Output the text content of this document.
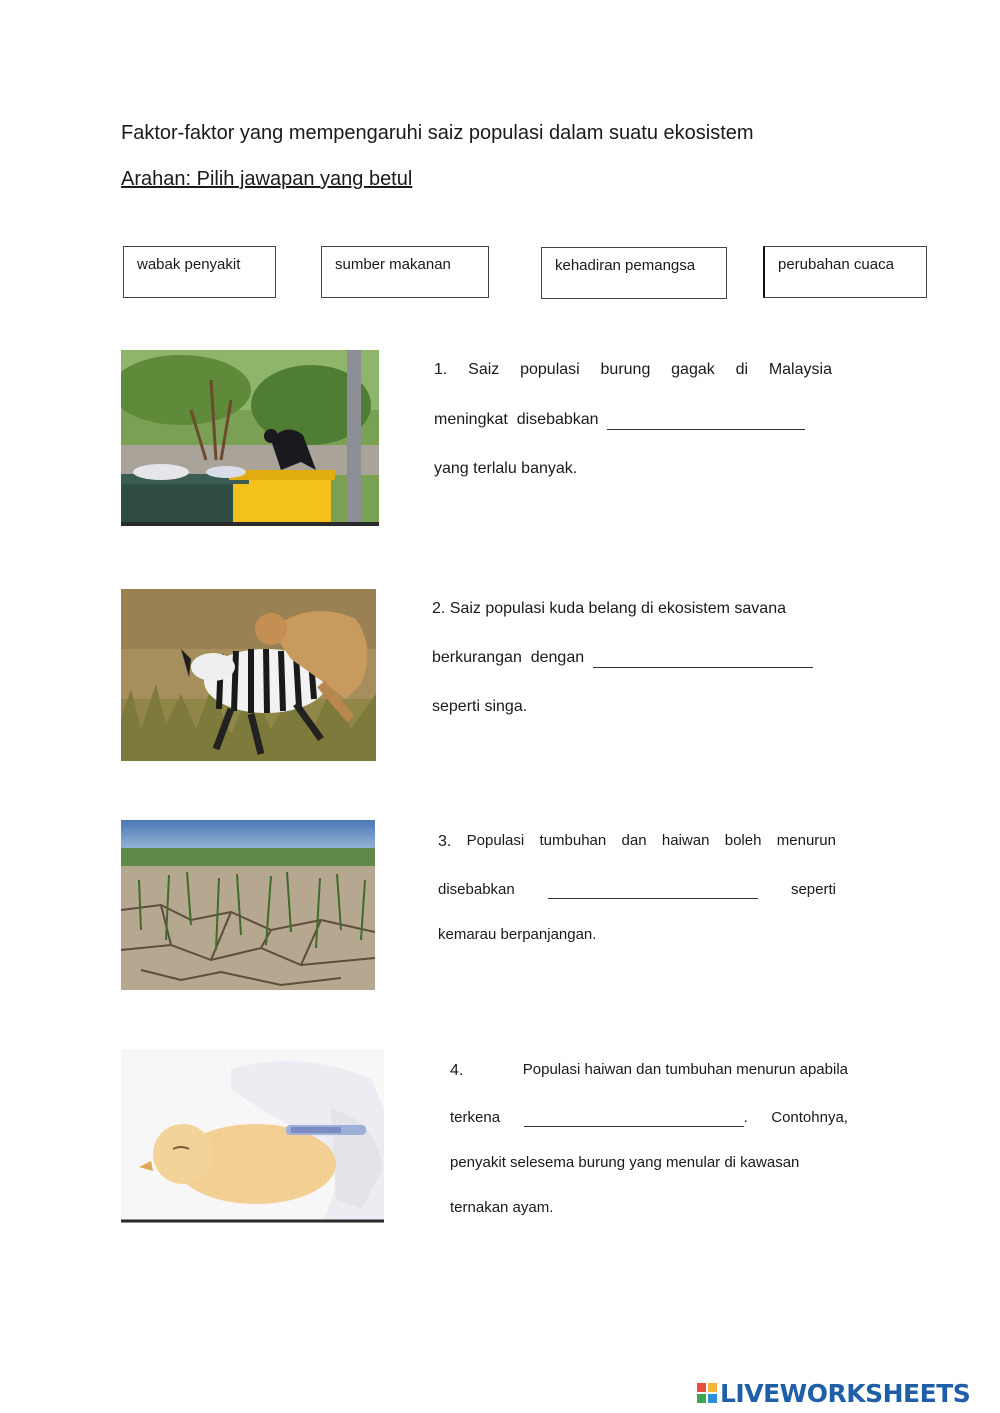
Faktor-faktor yang mempengaruhi saiz populasi dalam suatu ekosistem
Arahan: Pilih jawapan yang betul
wabak penyakit	sumber makanan	kehadiran pemangsa	perubahan cuaca
1. Saiz populasi burung gagak di Malaysia
meningkat disebabkan
yang terlalu banyak.
2. Saiz populasi kuda belang di ekosistem savana
berkurangan dengan
seperti singa.
3. Populasi tumbuhan dan haiwan boleh menurun
disebabkan	seperti
kemarau berpanjangan.
4.	Populasi haiwan dan tumbuhan menurun apabila
terkena	. Contohnya,
penyakit selesema burung yang menular di kawasan
ternakan ayam.
LIVEWORKSHEETS
